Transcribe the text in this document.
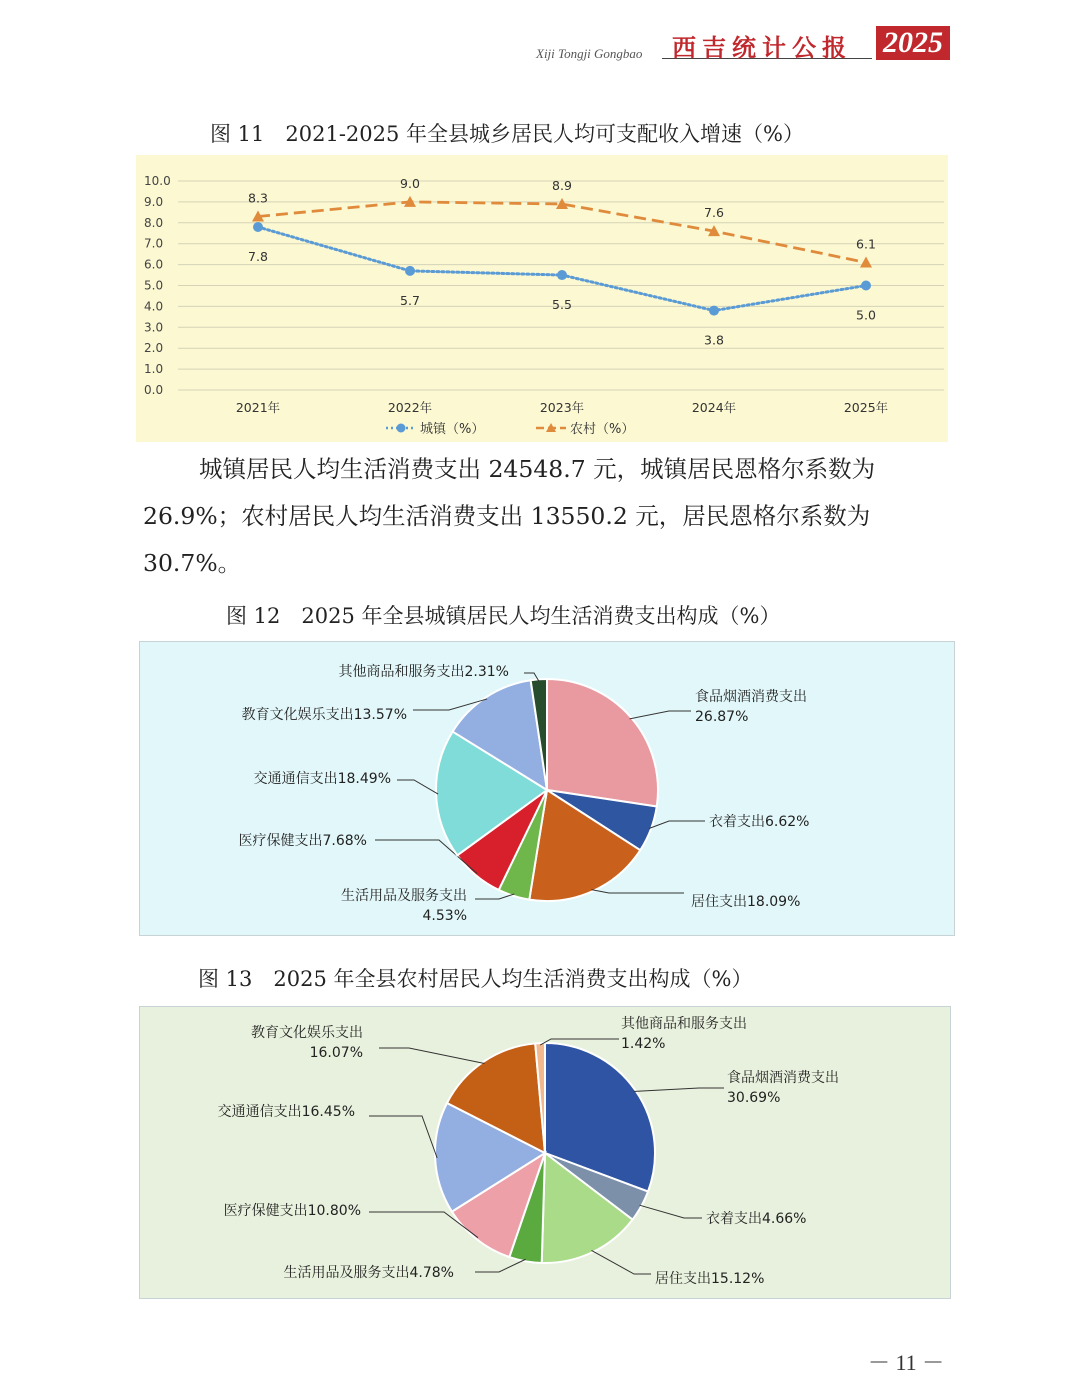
Xiji Tongji Gongbao 西吉统计公报 2025
图 11　2021-2025 年全县城乡居民人均可支配收入增速（%）
10.0
9.0
8.0
7.0
6.0
5.0
4.0
3.0
2.0
1.0
0.0
2021年	2022年	2023年	2024年	2025年
7.8
5.7	5.5
3.8
5.0
8.3
9.0	8.9
7.6
6.1
城镇（%）	农村（%）
城镇居民人均生活消费支出 24548.7 元，城镇居民恩格尔系数为
26.9%；农村居民人均生活消费支出 13550.2 元，居民恩格尔系数为
30.7%。
图 12　2025 年全县城镇居民人均生活消费支出构成（%）
食品烟酒消费支出
26.87%
衣着支出6.62%
居住支出18.09%
生活用品及服务支出
4.53%
医疗保健支出7.68%
交通通信支出18.49%
教育文化娱乐支出13.57%
其他商品和服务支出2.31%
图 13　2025 年全县农村居民人均生活消费支出构成（%）
食品烟酒消费支出
30.69%
衣着支出4.66%
居住支出15.12%
生活用品及服务支出4.78%
医疗保健支出10.80%
交通通信支出16.45%
教育文化娱乐支出
16.07%
其他商品和服务支出
1.42%
－ 11 －
